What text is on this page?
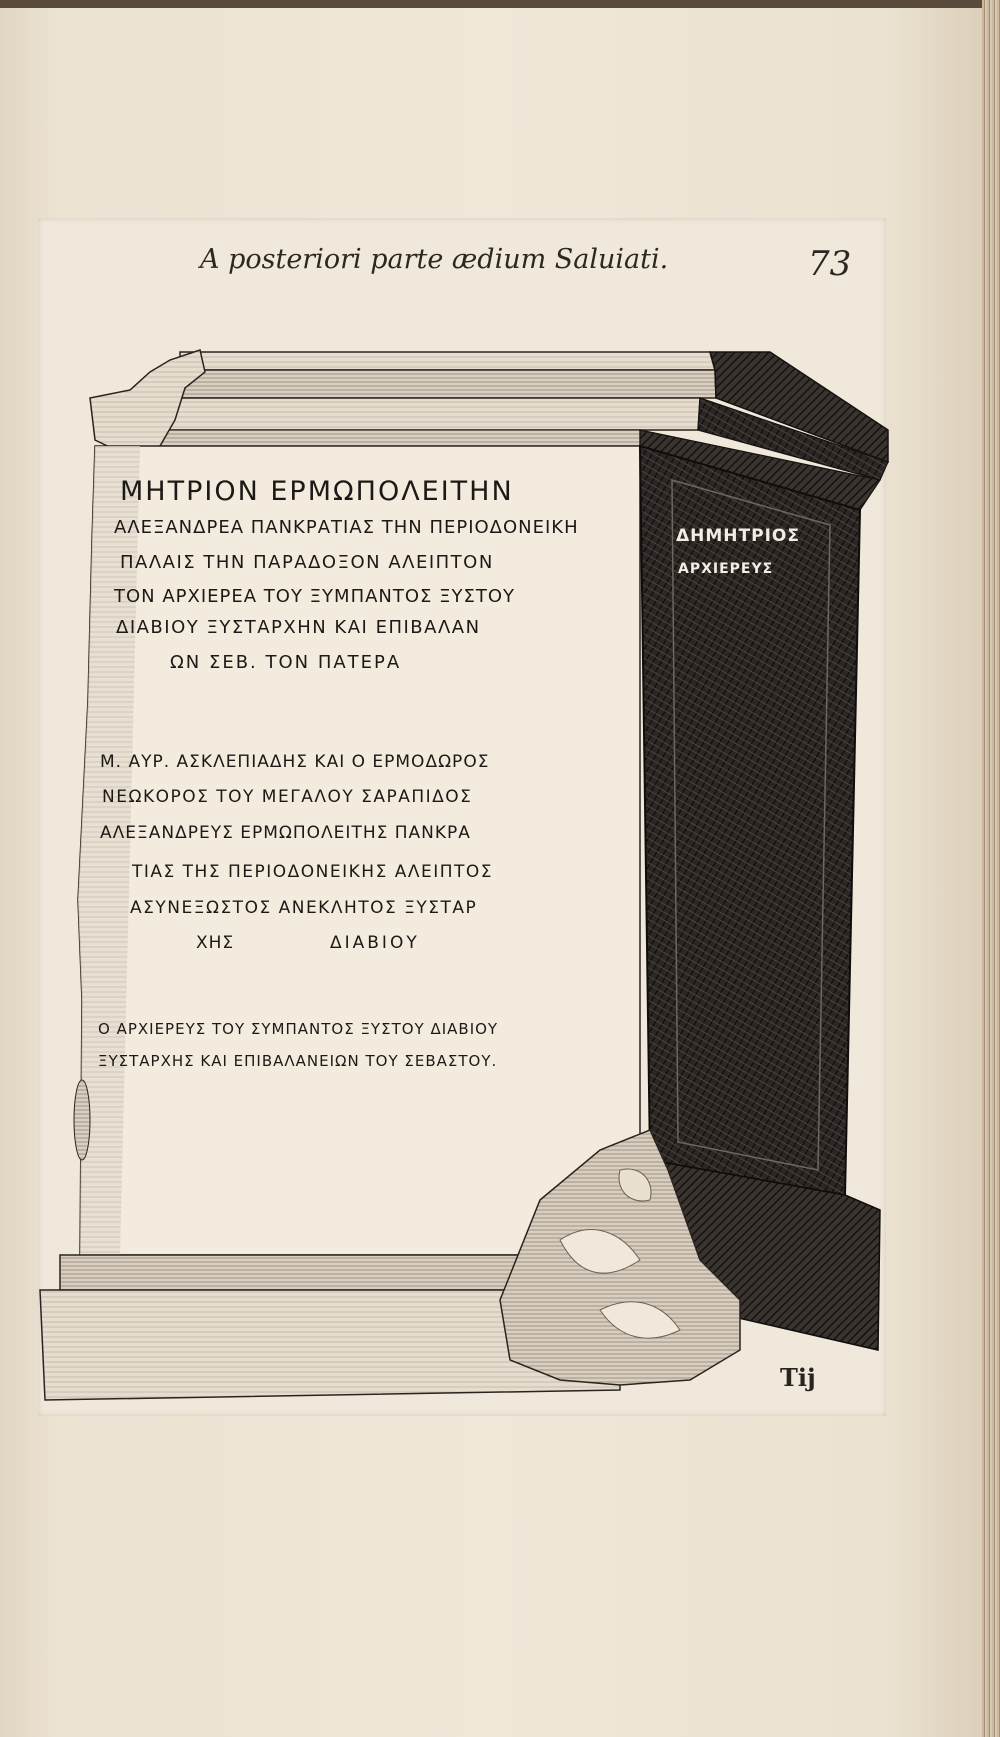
A posteriori parte ædium Saluiati.	73
ΜΗΤΡΙΟΝ ΕΡΜΩΠΟΛΕΙΤΗΝ
ΑΛΕΞΑΝΔΡΕΑ ΠΑΝΚΡΑΤΙΑΣ ΤΗΝ ΠΕΡΙΟΔΟΝΕΙΚΗ
ΠΑΛΑΙΣ ΤΗΝ ΠΑΡΑΔΟΞΟΝ ΑΛΕΙΠΤΟΝ
ΤΟΝ ΑΡΧΙΕΡΕΑ ΤΟΥ ΞΥΜΠΑΝΤΟΣ ΞΥΣΤΟΥ
ΔΙΑΒΙΟΥ ΞΥΣΤΑΡΧΗΝ ΚΑΙ ΕΠΙΒΑΛΑΝ
ΩΝ ΣΕΒ. ΤΟΝ ΠΑΤΕΡΑ
Μ. ΑΥΡ. ΑΣΚΛΕΠΙΑΔΗΣ ΚΑΙ Ο ΕΡΜΟΔΩΡΟΣ
ΝΕΩΚΟΡΟΣ ΤΟΥ ΜΕΓΑΛΟΥ ΣΑΡΑΠΙΔΟΣ
ΑΛΕΞΑΝΔΡΕΥΣ ΕΡΜΩΠΟΛΕΙΤΗΣ ΠΑΝΚΡΑ
ΤΙΑΣ ΤΗΣ ΠΕΡΙΟΔΟΝΕΙΚΗΣ ΑΛΕΙΠΤΟΣ
ΑΣΥΝΕΞΩΣΤΟΣ ΑΝΕΚΛΗΤΟΣ ΞΥΣΤΑΡ
ΧΗΣ	ΔΙΑΒΙΟΥ
Ο ΑΡΧΙΕΡΕΥΣ ΤΟΥ ΣΥΜΠΑΝΤΟΣ ΞΥΣΤΟΥ ΔΙΑΒΙΟΥ
ΞΥΣΤΑΡΧΗΣ ΚΑΙ ΕΠΙΒΑΛΑΝΕΙΩΝ ΤΟΥ ΣΕΒΑΣΤΟΥ.
ΔΗΜΗΤΡΙΟΣ
ΑΡΧΙΕΡΕΥΣ
Tij
